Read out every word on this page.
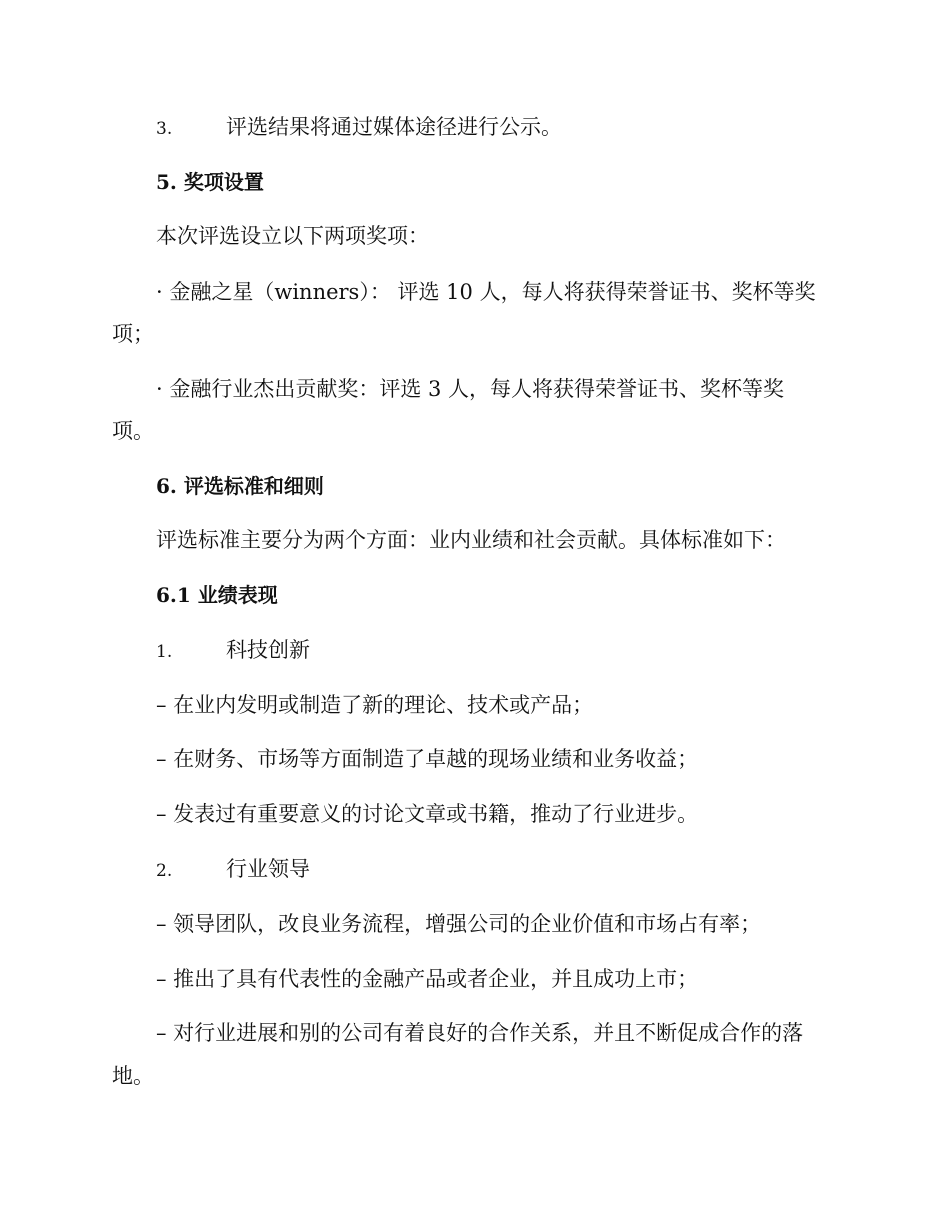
3.	评选结果将通过媒体途径进行公示。
5. 奖项设置
本次评选设立以下两项奖项：
· 金融之星（winners）： 评选 10 人，每人将获得荣誉证书、奖杯等奖
项；
· 金融行业杰出贡献奖：评选 3 人，每人将获得荣誉证书、奖杯等奖
项。
6. 评选标准和细则
评选标准主要分为两个方面：业内业绩和社会贡献。具体标准如下：
6.1 业绩表现
1.	科技创新
– 在业内发明或制造了新的理论、技术或产品；
– 在财务、市场等方面制造了卓越的现场业绩和业务收益；
– 发表过有重要意义的讨论文章或书籍，推动了行业进步。
2.	行业领导
– 领导团队，改良业务流程，增强公司的企业价值和市场占有率；
– 推出了具有代表性的金融产品或者企业，并且成功上市；
– 对行业进展和别的公司有着良好的合作关系，并且不断促成合作的落
地。
